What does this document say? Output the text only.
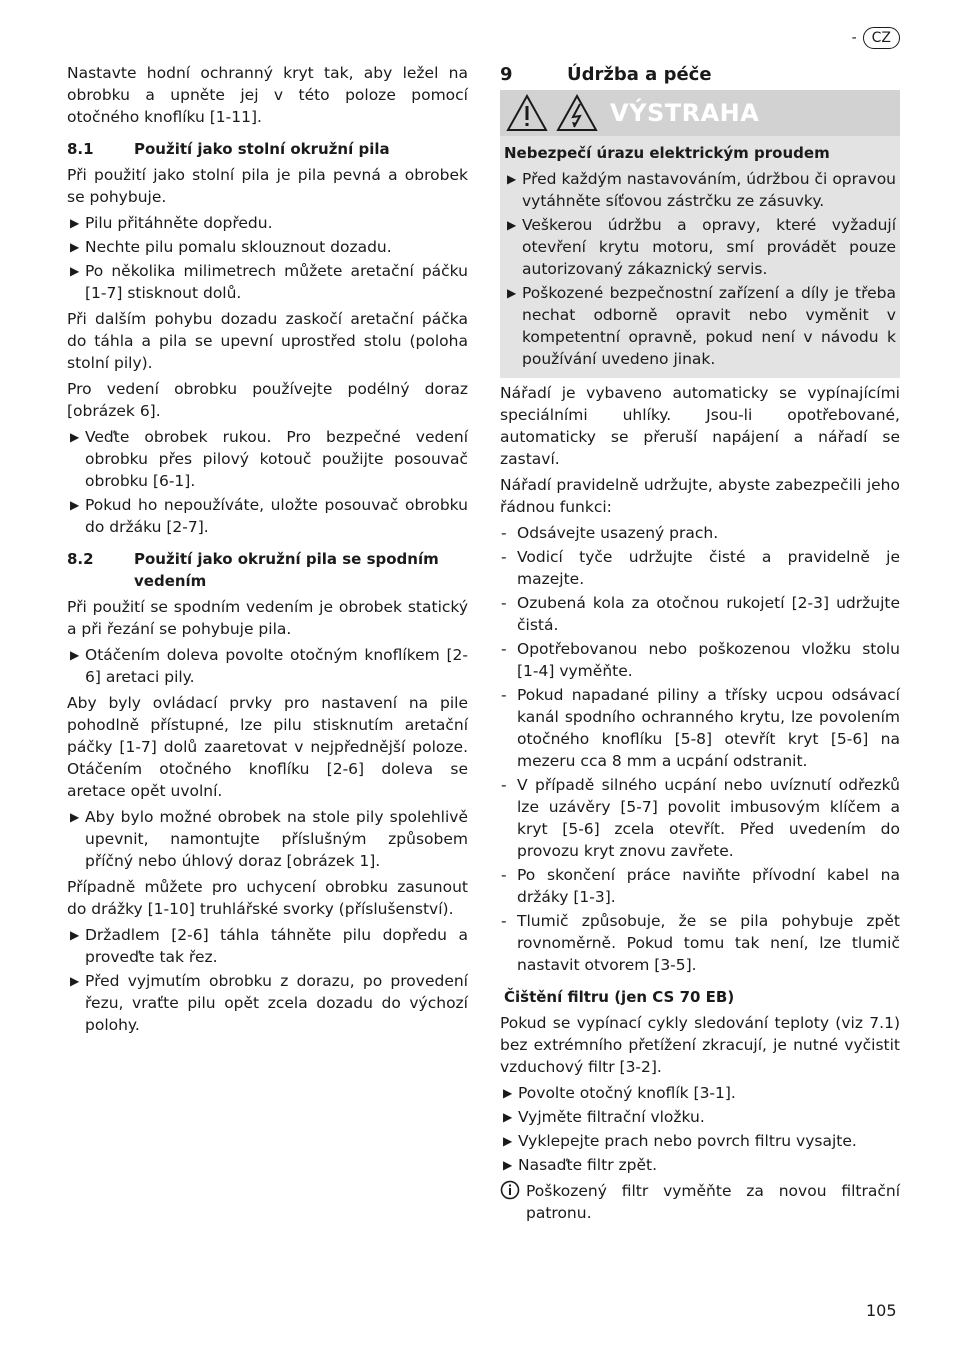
-	CZ

Nastavte hodní ochranný kryt tak, aby ležel na obrobku a upněte jej v této poloze pomocí otočného knoflíku [1-11].

8.1	Použití jako stolní okružní pila

Při použití jako stolní pila je pila pevná a obrobek se pohybuje.

▶ Pilu přitáhněte dopředu.
▶ Nechte pilu pomalu sklouznout dozadu.
▶ Po několika milimetrech můžete aretační páčku [1-7] stisknout dolů.

Při dalším pohybu dozadu zaskočí aretační páčka do táhla a pila se upevní uprostřed stolu (poloha stolní pily).

Pro vedení obrobku používejte podélný doraz [obrázek 6].

▶ Veďte obrobek rukou. Pro bezpečné vedení obrobku přes pilový kotouč použijte posouvač obrobku [6-1].
▶ Pokud ho nepoužíváte, uložte posouvač obrobku do držáku [2-7].
8.2	Použití jako okružní pila se spodním vedením

Při použití se spodním vedením je obrobek statický a při řezání se pohybuje pila.

▶ Otáčením doleva povolte otočným knoflíkem [2-6] aretaci pily.

Aby byly ovládací prvky pro nastavení na pile pohodlně přístupné, lze pilu stisknutím aretační páčky [1-7] dolů zaaretovat v nejpřednější poloze. Otáčením otočného knoflíku [2-6] doleva se aretace opět uvolní.

▶ Aby bylo možné obrobek na stole pily spolehlivě upevnit, namontujte příslušným způsobem příčný nebo úhlový doraz [obrázek 1].

Případně můžete pro uchycení obrobku zasunout do drážky [1-10] truhlářské svorky (příslušenství).

▶ Držadlem [2-6] táhla táhněte pilu dopředu a proveďte tak řez.
▶ Před vyjmutím obrobku z dorazu, po provedení řezu, vraťte pilu opět zcela dozadu do výchozí polohy.
9	Údržba a péče
VÝSTRAHA
Nebezpečí úrazu elektrickým proudem
▶ Před každým nastavováním, údržbou či opravou vytáhněte síťovou zástrčku ze zásuvky.
▶ Veškerou údržbu a opravy, které vyžadují otevření krytu motoru, smí provádět pouze autorizovaný zákaznický servis.
▶ Poškozené bezpečnostní zařízení a díly je třeba nechat odborně opravit nebo vyměnit v kompetentní opravně, pokud není v návodu k používání uvedeno jinak.

Nářadí je vybaveno automaticky se vypínajícími speciálními uhlíky. Jsou-li opotřebované, automaticky se přeruší napájení a nářadí se zastaví.

Nářadí pravidelně udržujte, abyste zabezpečili jeho řádnou funkci:

- Odsávejte usazený prach.
- Vodicí tyče udržujte čisté a pravidelně je mazejte.
- Ozubená kola za otočnou rukojetí [2-3] udržujte čistá.
- Opotřebovanou nebo poškozenou vložku stolu [1-4] vyměňte.
- Pokud napadané piliny a třísky ucpou odsávací kanál spodního ochranného krytu, lze povolením otočného knoflíku [5-8] otevřít kryt [5-6] na mezeru cca 8 mm a ucpání odstranit.
- V případě silného ucpání nebo uvíznutí odřezků lze uzávěry [5-7] povolit imbusovým klíčem a kryt [5-6] zcela otevřít. Před uvedením do provozu kryt znovu zavřete.
- Po skončení práce naviňte přívodní kabel na držáky [1-3].
- Tlumič způsobuje, že se pila pohybuje zpět rovnoměrně. Pokud tomu tak není, lze tlumič nastavit otvorem [3-5].
Čištění filtru (jen CS 70 EB)

Pokud se vypínací cykly sledování teploty (viz 7.1) bez extrémního přetížení zkracují, je nutné vyčistit vzduchový filtr [3-2].

▶ Povolte otočný knoflík [3-1].
▶ Vyjměte filtrační vložku.
▶ Vyklepejte prach nebo povrch filtru vysajte.
▶ Nasaďte filtr zpět.
Poškozený filtr vyměňte za novou filtrační patronu.
105
